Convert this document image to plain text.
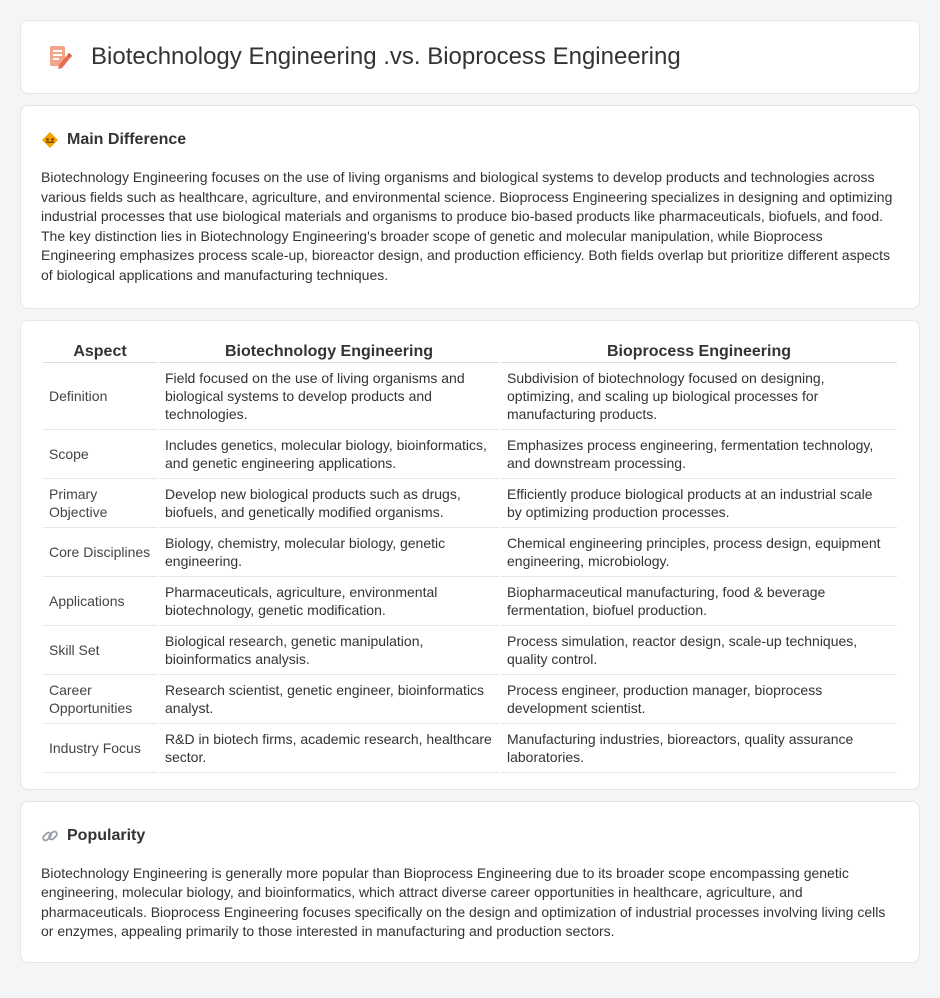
Biotechnology Engineering .vs. Bioprocess Engineering
Main Difference

Biotechnology Engineering focuses on the use of living organisms and biological systems to develop products and technologies across various fields such as healthcare, agriculture, and environmental science. Bioprocess Engineering specializes in designing and optimizing industrial processes that use biological materials and organisms to produce bio-based products like pharmaceuticals, biofuels, and food. The key distinction lies in Biotechnology Engineering's broader scope of genetic and molecular manipulation, while Bioprocess Engineering emphasizes process scale-up, bioreactor design, and production efficiency. Both fields overlap but prioritize different aspects of biological applications and manufacturing techniques.

Aspect	Biotechnology Engineering	Bioprocess Engineering
Definition	Field focused on the use of living organisms and biological systems to develop products and technologies.	Subdivision of biotechnology focused on designing, optimizing, and scaling up biological processes for manufacturing products.
Scope	Includes genetics, molecular biology, bioinformatics, and genetic engineering applications.	Emphasizes process engineering, fermentation technology, and downstream processing.
Primary Objective	Develop new biological products such as drugs, biofuels, and genetically modified organisms.	Efficiently produce biological products at an industrial scale by optimizing production processes.
Core Disciplines	Biology, chemistry, molecular biology, genetic engineering.	Chemical engineering principles, process design, equipment engineering, microbiology.
Applications	Pharmaceuticals, agriculture, environmental biotechnology, genetic modification.	Biopharmaceutical manufacturing, food & beverage fermentation, biofuel production.
Skill Set	Biological research, genetic manipulation, bioinformatics analysis.	Process simulation, reactor design, scale-up techniques, quality control.
Career Opportunities	Research scientist, genetic engineer, bioinformatics analyst.	Process engineer, production manager, bioprocess development scientist.
Industry Focus	R&D in biotech firms, academic research, healthcare sector.	Manufacturing industries, bioreactors, quality assurance laboratories.
Popularity

Biotechnology Engineering is generally more popular than Bioprocess Engineering due to its broader scope encompassing genetic engineering, molecular biology, and bioinformatics, which attract diverse career opportunities in healthcare, agriculture, and pharmaceuticals. Bioprocess Engineering focuses specifically on the design and optimization of industrial processes involving living cells or enzymes, appealing primarily to those interested in manufacturing and production sectors.
